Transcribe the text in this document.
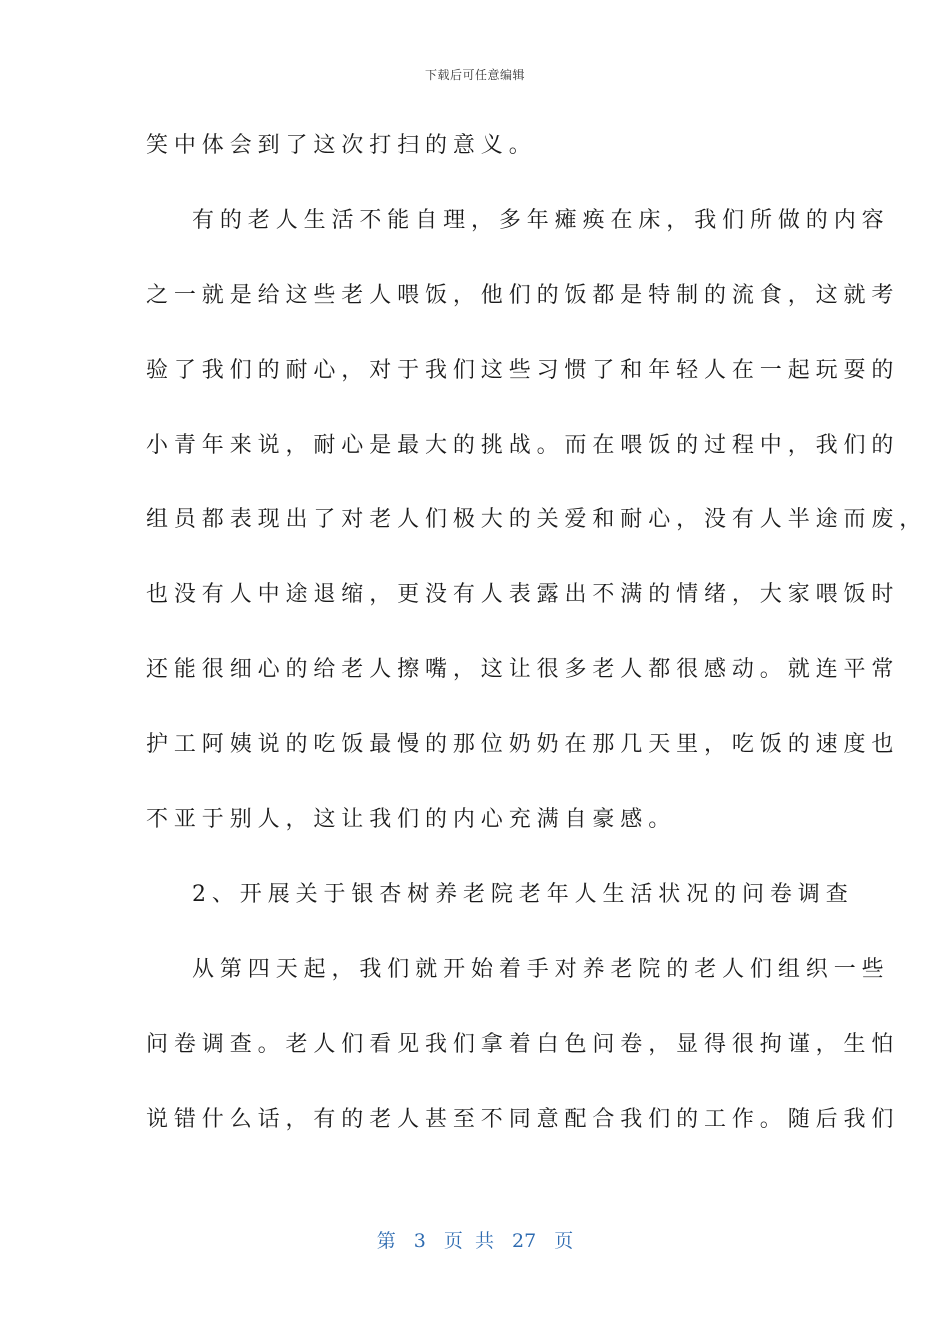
下载后可任意编辑
笑中体会到了这次打扫的意义。
有的老人生活不能自理，多年瘫痪在床，我们所做的内容
之一就是给这些老人喂饭，他们的饭都是特制的流食，这就考
验了我们的耐心，对于我们这些习惯了和年轻人在一起玩耍的
小青年来说，耐心是最大的挑战。而在喂饭的过程中，我们的
组员都表现出了对老人们极大的关爱和耐心，没有人半途而废，
也没有人中途退缩，更没有人表露出不满的情绪，大家喂饭时
还能很细心的给老人擦嘴，这让很多老人都很感动。就连平常
护工阿姨说的吃饭最慢的那位奶奶在那几天里，吃饭的速度也
不亚于别人，这让我们的内心充满自豪感。
2、开展关于银杏树养老院老年人生活状况的问卷调查
从第四天起，我们就开始着手对养老院的老人们组织一些
问卷调查。老人们看见我们拿着白色问卷，显得很拘谨，生怕
说错什么话，有的老人甚至不同意配合我们的工作。随后我们
第 3 页 共 27 页
